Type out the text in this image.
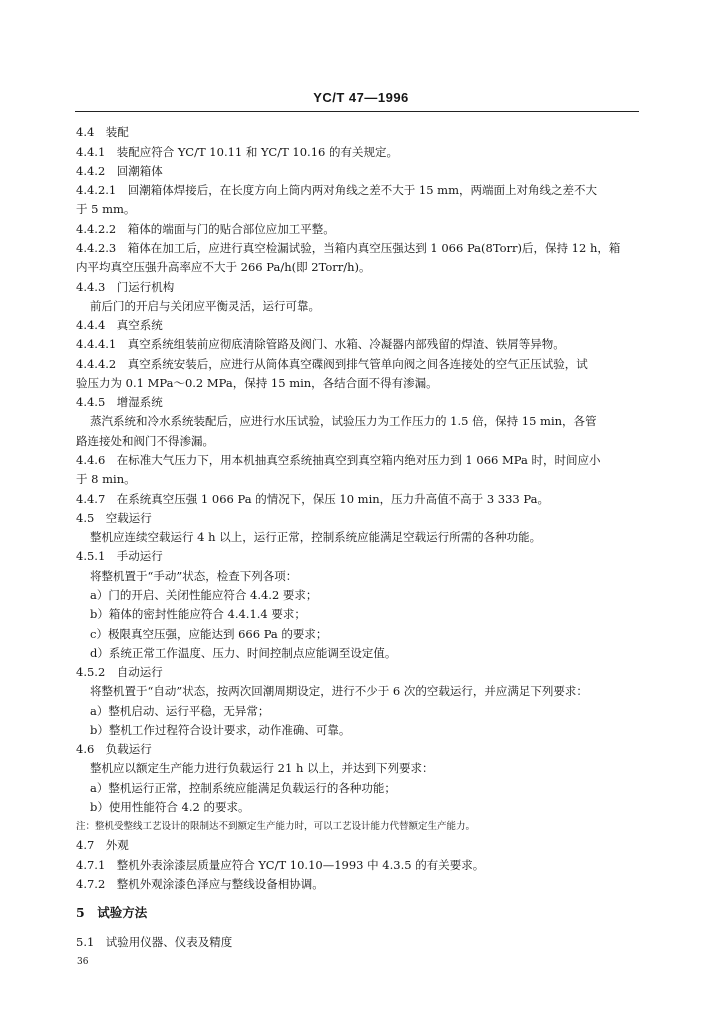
YC/T 47—1996
4.4　装配
4.4.1　装配应符合 YC/T 10.11 和 YC/T 10.16 的有关规定。
4.4.2　回潮箱体
4.4.2.1　回潮箱体焊接后，在长度方向上筒内两对角线之差不大于 15 mm，两端面上对角线之差不大
于 5 mm。
4.4.2.2　箱体的端面与门的贴合部位应加工平整。
4.4.2.3　箱体在加工后，应进行真空检漏试验，当箱内真空压强达到 1 066 Pa(8Torr)后，保持 12 h，箱
内平均真空压强升高率应不大于 266 Pa/h(即 2Torr/h)。
4.4.3　门运行机构
前后门的开启与关闭应平衡灵活，运行可靠。
4.4.4　真空系统
4.4.4.1　真空系统组装前应彻底清除管路及阀门、水箱、冷凝器内部残留的焊渣、铁屑等异物。
4.4.4.2　真空系统安装后，应进行从筒体真空碟阀到排气管单向阀之间各连接处的空气正压试验，试
验压力为 0.1 MPa～0.2 MPa，保持 15 min，各结合面不得有渗漏。
4.4.5　增湿系统
蒸汽系统和冷水系统装配后，应进行水压试验，试验压力为工作压力的 1.5 倍，保持 15 min，各管
路连接处和阀门不得渗漏。
4.4.6　在标准大气压力下，用本机抽真空系统抽真空到真空箱内绝对压力到 1 066 MPa 时，时间应小
于 8 min。
4.4.7　在系统真空压强 1 066 Pa 的情况下，保压 10 min，压力升高值不高于 3 333 Pa。
4.5　空载运行
整机应连续空载运行 4 h 以上，运行正常，控制系统应能满足空载运行所需的各种功能。
4.5.1　手动运行
将整机置于“手动”状态，检查下列各项：
a）门的开启、关闭性能应符合 4.4.2 要求；
b）箱体的密封性能应符合 4.4.1.4 要求；
c）极限真空压强，应能达到 666 Pa 的要求；
d）系统正常工作温度、压力、时间控制点应能调至设定值。
4.5.2　自动运行
将整机置于“自动”状态，按两次回潮周期设定，进行不少于 6 次的空载运行，并应满足下列要求：
a）整机启动、运行平稳，无异常；
b）整机工作过程符合设计要求，动作准确、可靠。
4.6　负载运行
整机应以额定生产能力进行负载运行 21 h 以上，并达到下列要求：
a）整机运行正常，控制系统应能满足负载运行的各种功能；
b）使用性能符合 4.2 的要求。
注：整机受整线工艺设计的限制达不到额定生产能力时，可以工艺设计能力代替额定生产能力。
4.7　外观
4.7.1　整机外表涂漆层质量应符合 YC/T 10.10—1993 中 4.3.5 的有关要求。
4.7.2　整机外观涂漆色泽应与整线设备相协调。
5　试验方法
5.1　试验用仪器、仪表及精度
36
